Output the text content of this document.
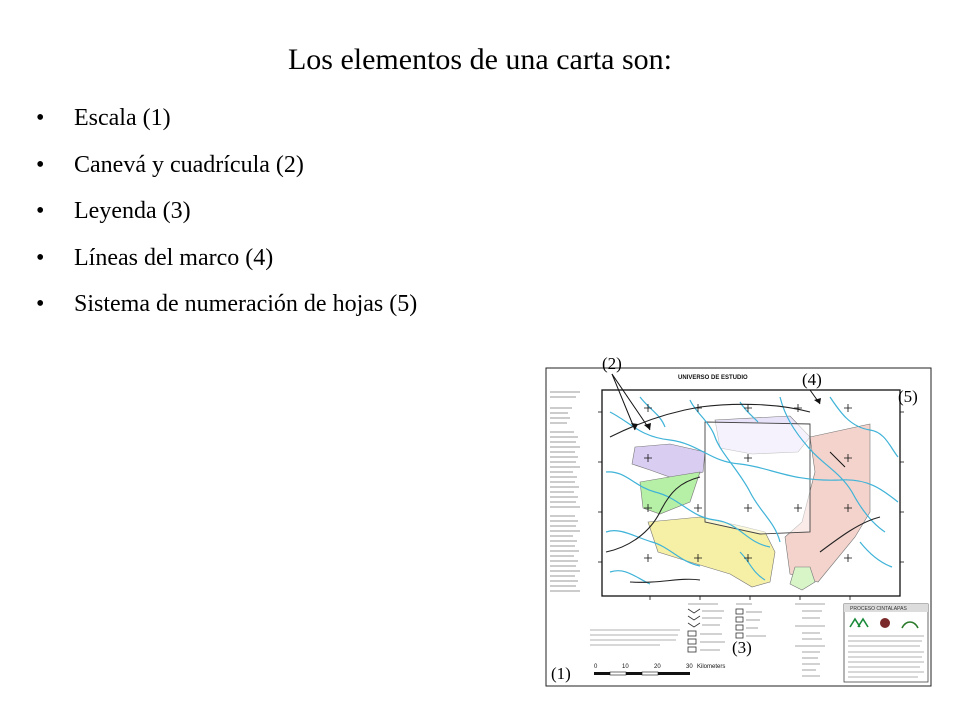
Los elementos de una carta son:
• Escala (1)
• Canevá y cuadrícula (2)
• Leyenda (3)
• Líneas del marco (4)
• Sistema de numeración de hojas (5)
UNIVERSO DE ESTUDIO
0	10	20	30 Kilometers
PROCESO CINTALAPAS
(2)
(4)
(5)
(3)
(1)
